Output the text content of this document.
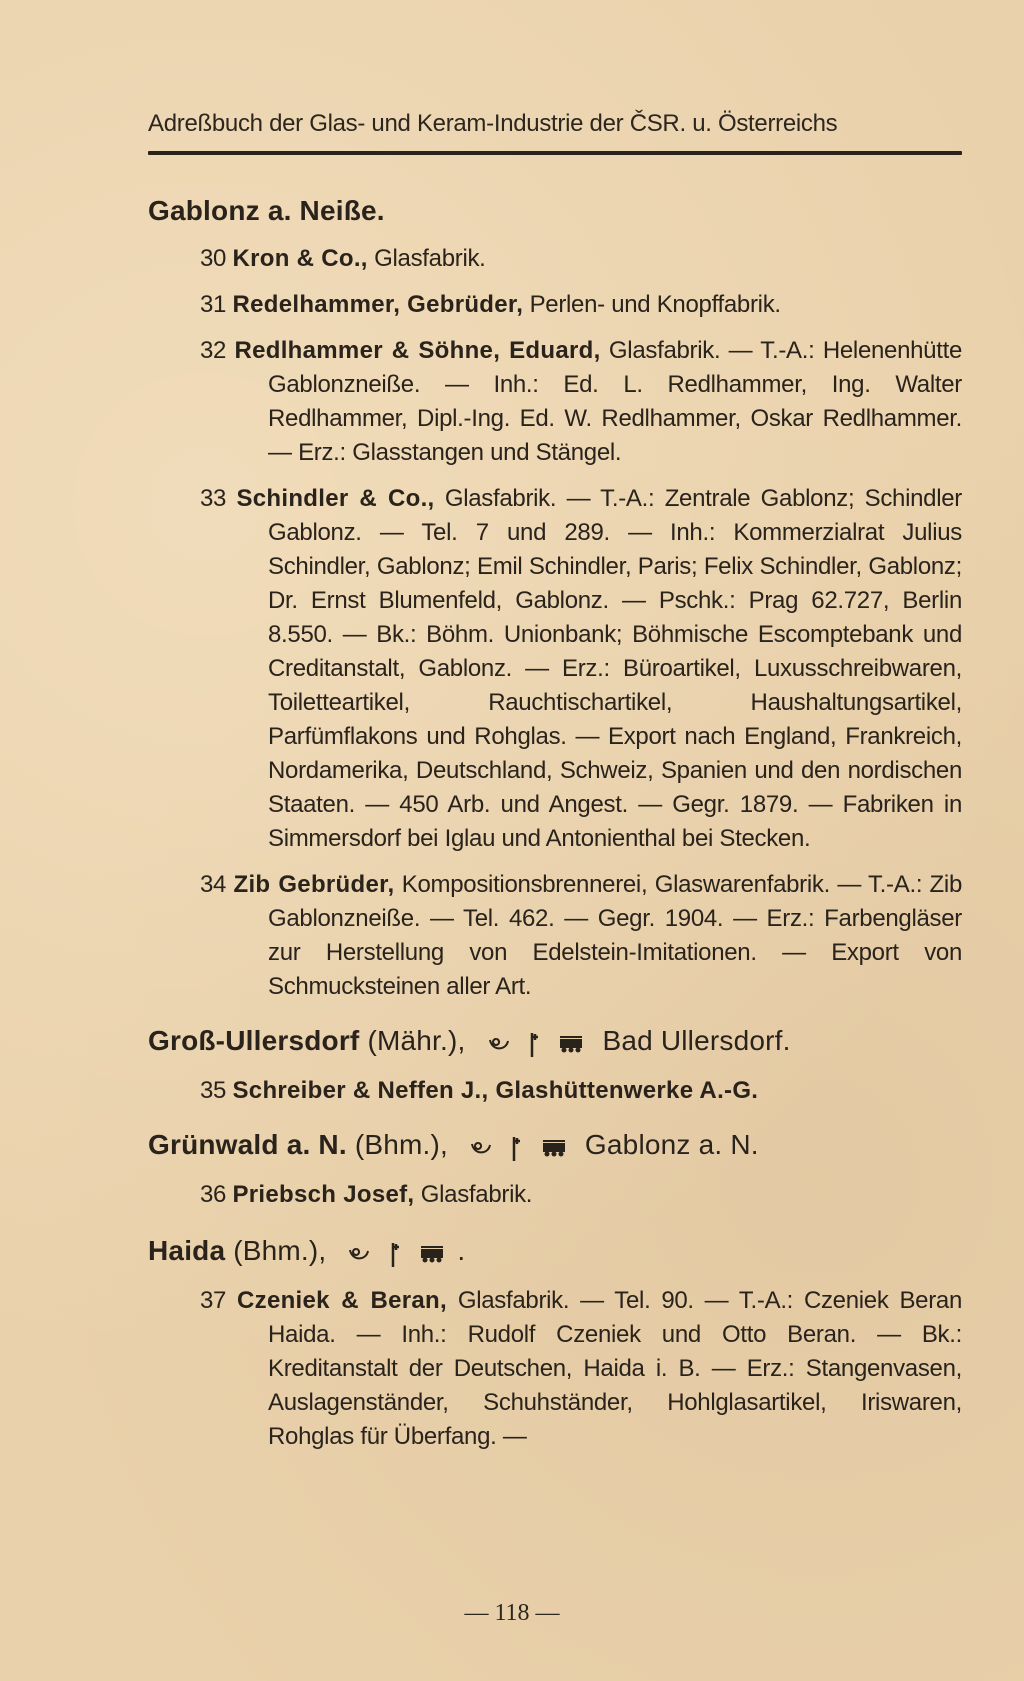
Adreßbuch der Glas- und Keram-Industrie der ČSR. u. Österreichs
Gablonz a. Neiße.
30 Kron & Co., Glasfabrik.
31 Redelhammer, Gebrüder, Perlen- und Knopffabrik.
32 Redlhammer & Söhne, Eduard, Glasfabrik. — T.-A.: Helenenhütte Gablonzneiße. — Inh.: Ed. L. Redlhammer, Ing. Walter Redlhammer, Dipl.-Ing. Ed. W. Redlhammer, Oskar Redlhammer. — Erz.: Glasstangen und Stängel.
33 Schindler & Co., Glasfabrik. — T.-A.: Zentrale Gablonz; Schindler Gablonz. — Tel. 7 und 289. — Inh.: Kommerzialrat Julius Schindler, Gablonz; Emil Schindler, Paris; Felix Schindler, Gablonz; Dr. Ernst Blumenfeld, Gablonz. — Pschk.: Prag 62.727, Berlin 8.550. — Bk.: Böhm. Unionbank; Böhmische Escomptebank und Creditanstalt, Gablonz. — Erz.: Büroartikel, Luxusschreibwaren, Toiletteartikel, Rauchtischartikel, Haushaltungsartikel, Parfümflakons und Rohglas. — Export nach England, Frankreich, Nordamerika, Deutschland, Schweiz, Spanien und den nordischen Staaten. — 450 Arb. und Angest. — Gegr. 1879. — Fabriken in Simmersdorf bei Iglau und Antonienthal bei Stecken.
34 Zib Gebrüder, Kompositionsbrennerei, Glaswarenfabrik. — T.-A.: Zib Gablonzneiße. — Tel. 462. — Gegr. 1904. — Erz.: Farbengläser zur Herstellung von Edelstein-Imitationen. — Export von Schmucksteinen aller Art.
Groß-Ullersdorf (Mähr.),	Bad Ullersdorf.
35 Schreiber & Neffen J., Glashüttenwerke A.-G.
Grünwald a. N. (Bhm.),	Gablonz a. N.
36 Priebsch Josef, Glasfabrik.
Haida (Bhm.),	.
37 Czeniek & Beran, Glasfabrik. — Tel. 90. — T.-A.: Czeniek Beran Haida. — Inh.: Rudolf Czeniek und Otto Beran. — Bk.: Kreditanstalt der Deutschen, Haida i. B. — Erz.: Stangenvasen, Auslagenständer, Schuhständer, Hohlglasartikel, Iriswaren, Rohglas für Überfang. —
— 118 —
